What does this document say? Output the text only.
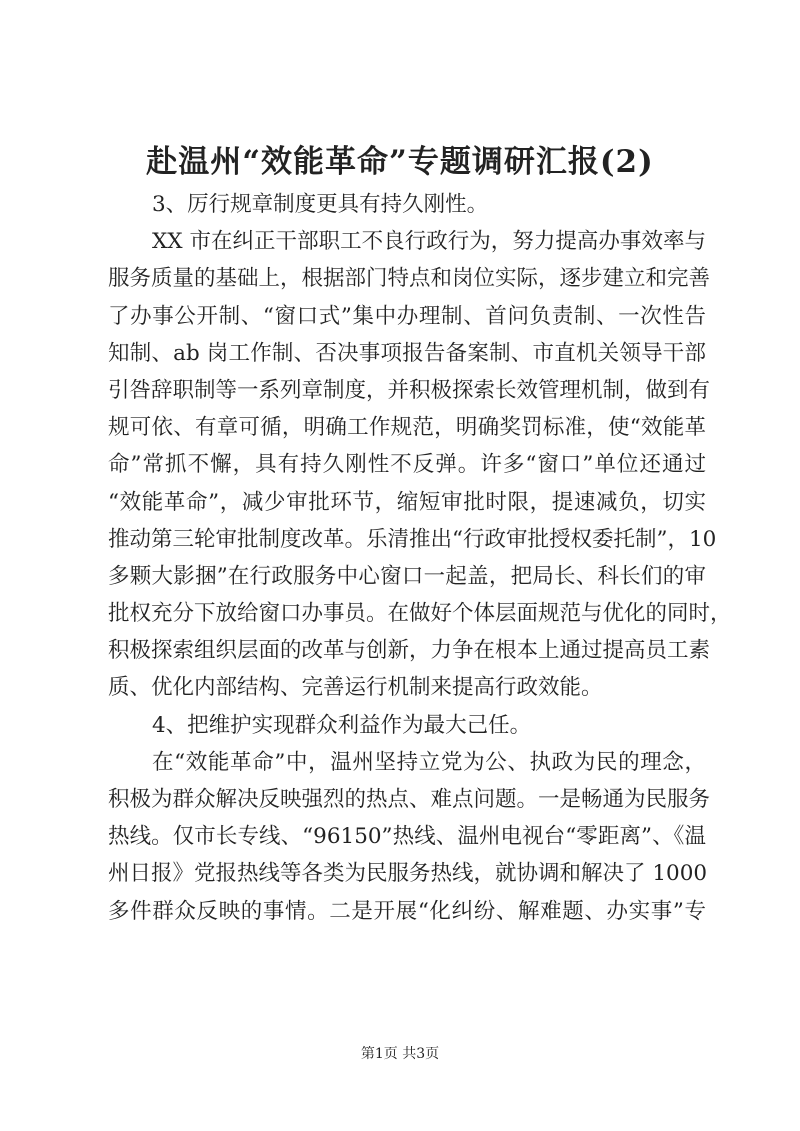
赴温州“效能革命”专题调研汇报(2)
3、厉行规章制度更具有持久刚性。
XX 市在纠正干部职工不良行政行为，努力提高办事效率与
服务质量的基础上，根据部门特点和岗位实际，逐步建立和完善
了办事公开制、“窗口式”集中办理制、首问负责制、一次性告
知制、ab 岗工作制、否决事项报告备案制、市直机关领导干部
引咎辞职制等一系列章制度，并积极探索长效管理机制，做到有
规可依、有章可循，明确工作规范，明确奖罚标准，使“效能革
命”常抓不懈，具有持久刚性不反弹。许多“窗口”单位还通过
“效能革命”，减少审批环节，缩短审批时限，提速减负，切实
推动第三轮审批制度改革。乐清推出“行政审批授权委托制”，10
多颗大影捆”在行政服务中心窗口一起盖，把局长、科长们的审
批权充分下放给窗口办事员。在做好个体层面规范与优化的同时，
积极探索组织层面的改革与创新，力争在根本上通过提高员工素
质、优化内部结构、完善运行机制来提高行政效能。
4、把维护实现群众利益作为最大己任。
在“效能革命”中，温州坚持立党为公、执政为民的理念，
积极为群众解决反映强烈的热点、难点问题。一是畅通为民服务
热线。仅市长专线、“96150”热线、温州电视台“零距离”、《温
州日报》党报热线等各类为民服务热线，就协调和解决了 1000
多件群众反映的事情。二是开展“化纠纷、解难题、办实事”专
第1页 共3页
